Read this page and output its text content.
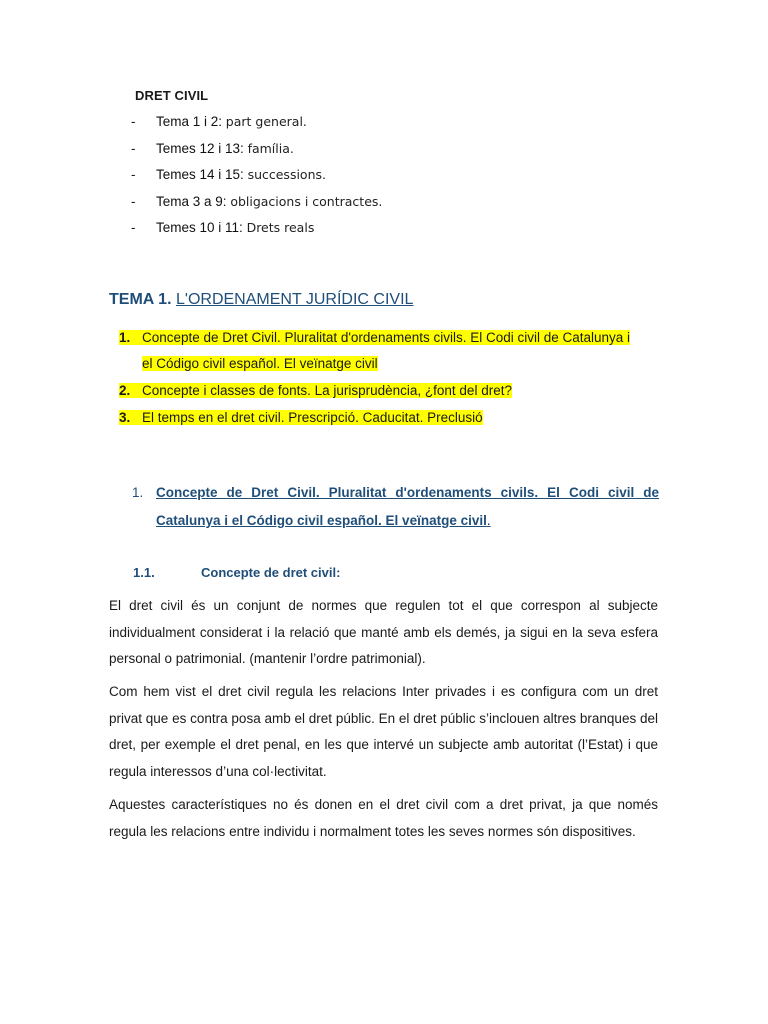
DRET CIVIL
- Tema 1 i 2: part general.
- Temes 12 i 13: família.
- Temes 14 i 15: successions.
- Tema 3 a 9: obligacions i contractes.
- Temes 10 i 11: Drets reals
TEMA 1. L'ORDENAMENT JURÍDIC CIVIL
1. Concepte de Dret Civil. Pluralitat d'ordenaments civils. El Codi civil de Catalunya i
el Código civil español. El veïnatge civil
2. Concepte i classes de fonts. La jurisprudència, ¿font del dret?
3. El temps en el dret civil. Prescripció. Caducitat. Preclusió
1. Concepte de Dret Civil. Pluralitat d'ordenaments civils. El Codi civil de Catalunya i el Código civil español. El veïnatge civil.
1.1.	Concepte de dret civil:

El dret civil és un conjunt de normes que regulen tot el que correspon al subjecte individualment considerat i la relació que manté amb els demés, ja sigui en la seva esfera personal o patrimonial. (mantenir l’ordre patrimonial).

Com hem vist el dret civil regula les relacions Inter privades i es configura com un dret privat que es contra posa amb el dret públic. En el dret públic s’inclouen altres branques del dret, per exemple el dret penal, en les que intervé un subjecte amb autoritat (l’Estat) i que regula interessos d’una col·lectivitat.

Aquestes característiques no és donen en el dret civil com a dret privat, ja que només regula les relacions entre individu i normalment totes les seves normes són dispositives.
